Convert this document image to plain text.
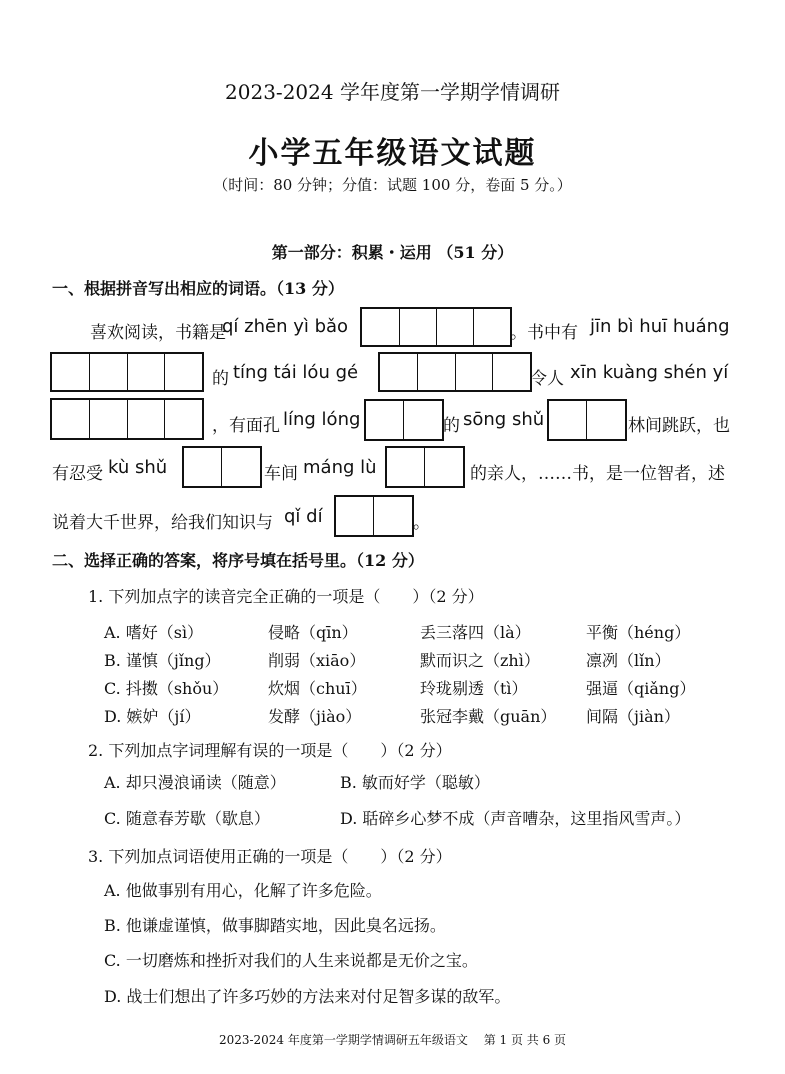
2023-2024 学年度第一学期学情调研
小学五年级语文试题
（时间：80 分钟；分值：试题 100 分，卷面 5 分。）
第一部分：积累・运用 （51 分）
一、根据拼音写出相应的词语。（13 分）
喜欢阅读，书籍是
qí zhēn yì bǎo	。书中有 jīn bì huī huáng
的 tíng tái lóu gé	令人 xīn kuàng shén yí
，有面孔 líng lóng	的 sōng shǔ	林间跳跃，也
有忍受 kù shǔ	车间 máng lù	的亲人，……书，是一位智者，述
说着大千世界，给我们知识与 qǐ dí	。
二、选择正确的答案，将序号填在括号里。（12 分）
1. 下列加点字的读音完全正确的一项是（　　）（2 分）
A. 嗜好（sì）	侵略（qīn）	丢三落四（là）	平衡（héng）
B. 谨慎（jǐng）	削弱（xiāo）	默而识之（zhì）	凛冽（lǐn）
C. 抖擞（shǒu） 炊烟（chuī）	玲珑剔透（tì）	强逼（qiǎng）
D. 嫉妒（jí）	发酵（jiào）	张冠李戴（guān） 间隔（jiàn）
2. 下列加点字词理解有误的一项是（　　）（2 分）
A. 却只漫浪诵读（随意）	B. 敏而好学（聪敏）
C. 随意春芳歇（歇息）	D. 聒碎乡心梦不成（声音嘈杂，这里指风雪声。）
3. 下列加点词语使用正确的一项是（　　）（2 分）
A. 他做事别有用心，化解了许多危险。
B. 他谦虚谨慎，做事脚踏实地，因此臭名远扬。
C. 一切磨炼和挫折对我们的人生来说都是无价之宝。
D. 战士们想出了许多巧妙的方法来对付足智多谋的敌军。
2023-2024 年度第一学期学情调研五年级语文　 第 1 页 共 6 页
